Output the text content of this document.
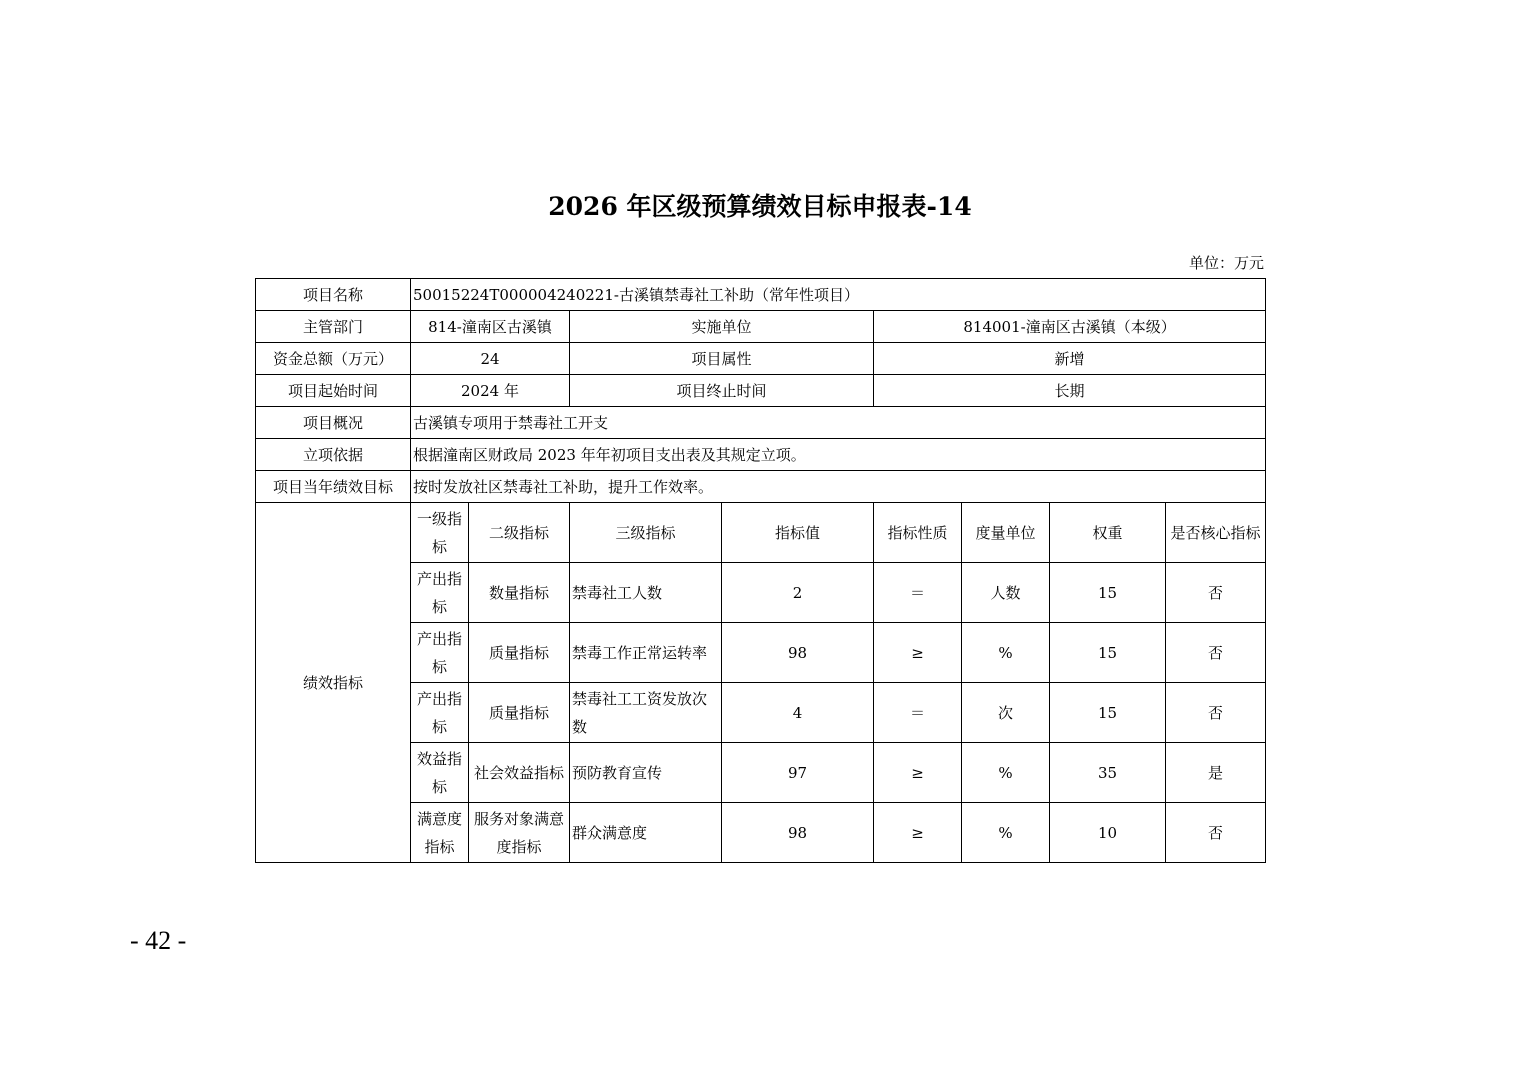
2026 年区级预算绩效目标申报表-14
单位：万元
项目名称	50015224T000004240221-古溪镇禁毒社工补助（常年性项目）							
主管部门	814-潼南区古溪镇		实施单位		814001-潼南区古溪镇（本级）			
资金总额（万元）	24		项目属性		新增			
项目起始时间	2024 年		项目终止时间		长期			
项目概况	古溪镇专项用于禁毒社工开支							
立项依据	根据潼南区财政局 2023 年年初项目支出表及其规定立项。							
项目当年绩效目标	按时发放社区禁毒社工补助，提升工作效率。							
绩效指标	一级指标	二级指标	三级指标	指标值	指标性质	度量单位	权重	是否核心指标
	产出指标	数量指标	禁毒社工人数	2	＝	人数	15	否
	产出指标	质量指标	禁毒工作正常运转率	98	≥	%	15	否
	产出指标	质量指标	禁毒社工工资发放次数	4	＝	次	15	否
	效益指标	社会效益指标	预防教育宣传	97	≥	%	35	是
	满意度指标	服务对象满意度指标	群众满意度	98	≥	%	10	否
- 42 -
